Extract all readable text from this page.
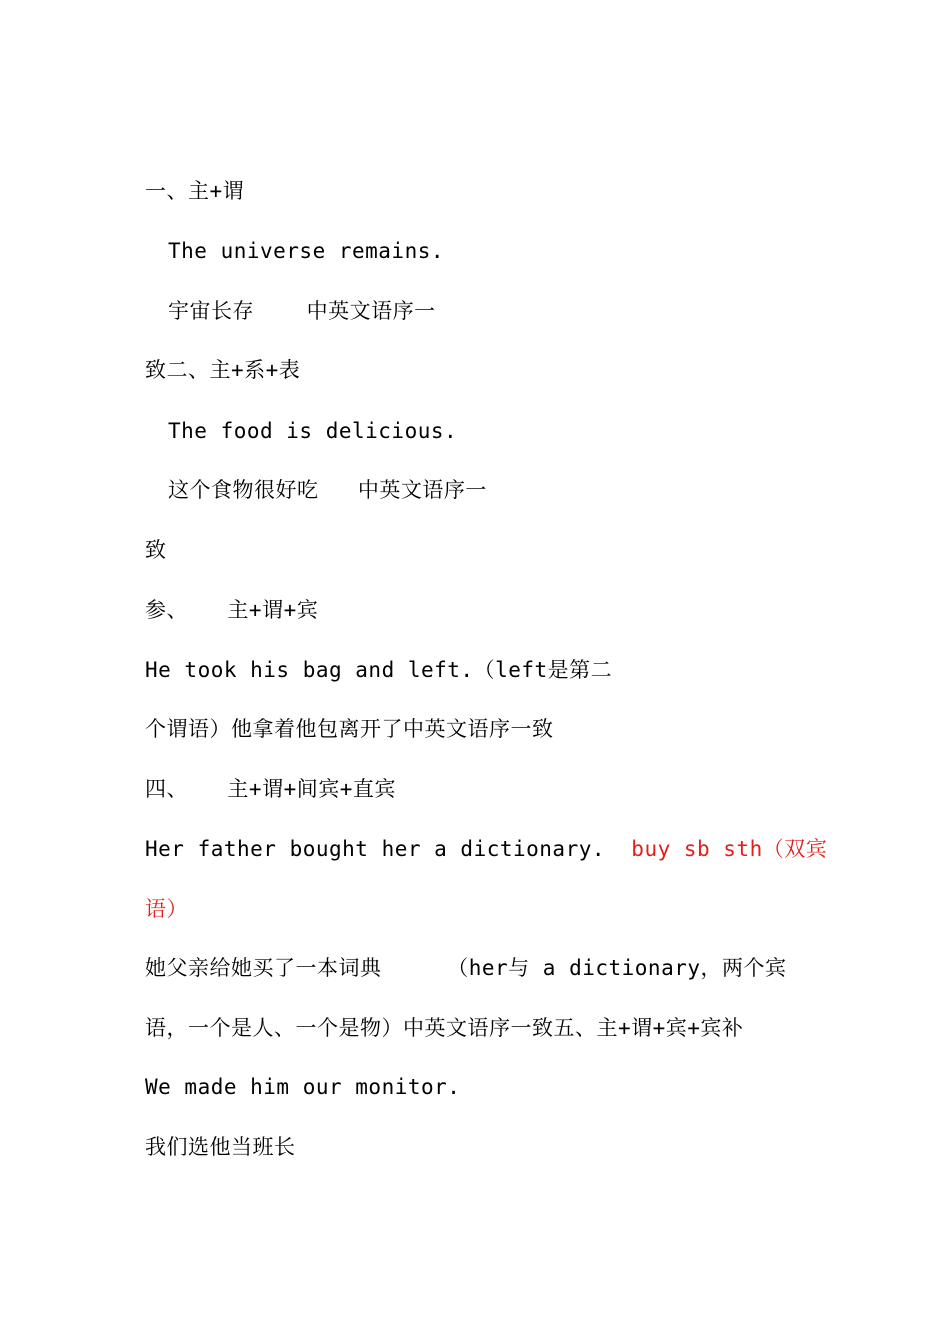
一、主+谓
The universe remains.
宇宙长存    中英文语序一
致二、主+系+表
The food is delicious.
这个食物很好吃   中英文语序一
致
参、   主+谓+宾
He took his bag and left.（left是第二
个谓语）他拿着他包离开了中英文语序一致
四、   主+谓+间宾+直宾
Her father bought her a dictionary.  buy sb sth（双宾
语）
她父亲给她买了一本词典     （her与 a dictionary，两个宾
语，一个是人、一个是物）中英文语序一致五、主+谓+宾+宾补
We made him our monitor.
我们选他当班长
